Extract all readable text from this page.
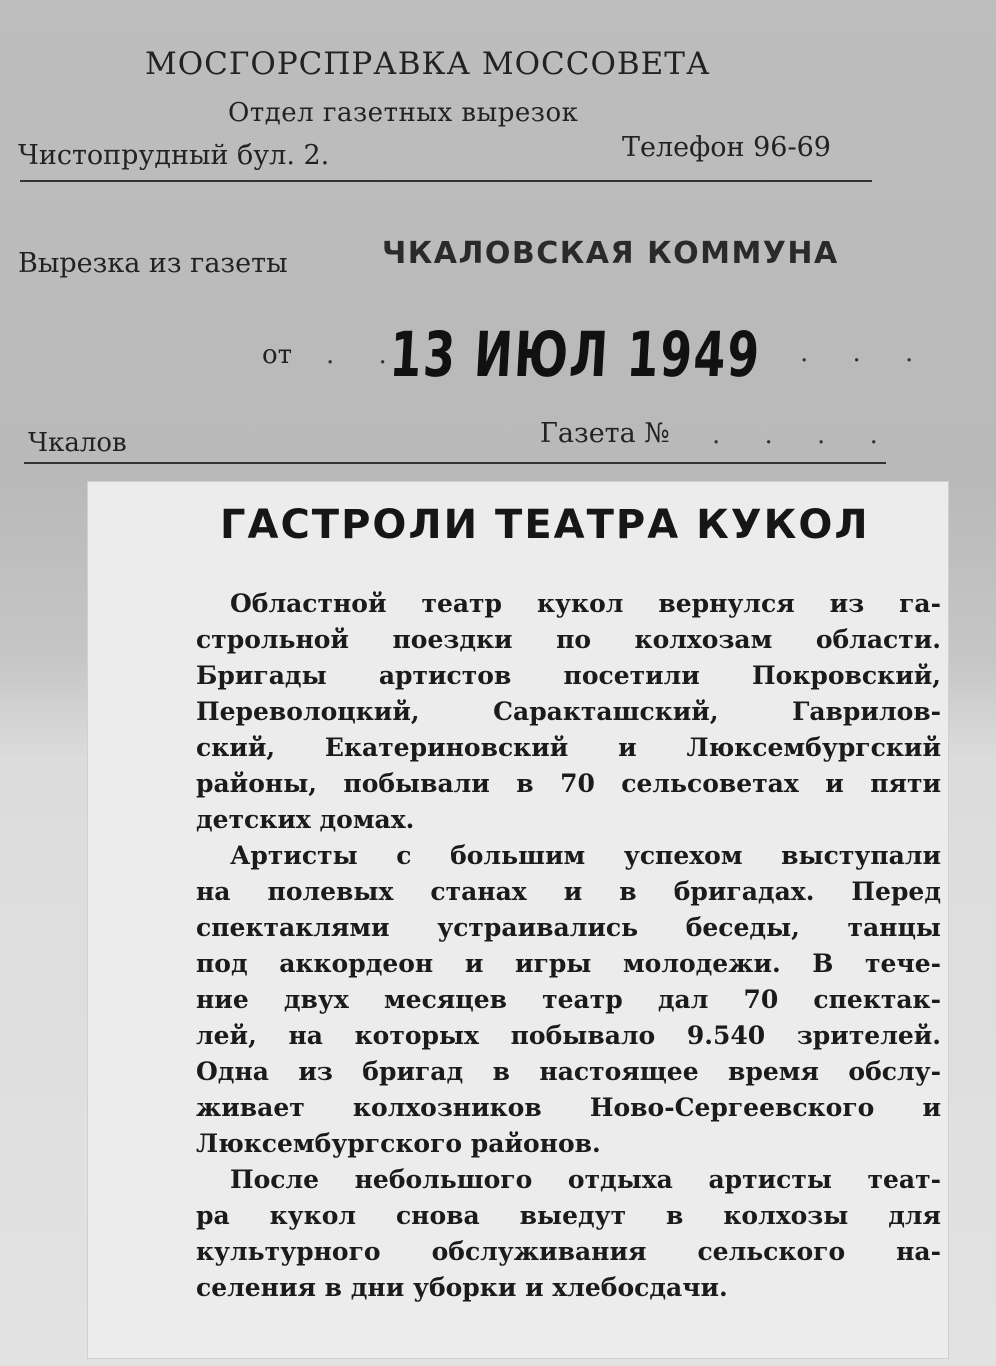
МОСГОРСПРАВКА МОССОВЕТА
Отдел газетных вырезок
Чистопрудный бул. 2.	Телефон 96-69
Вырезка из газеты	ЧКАЛОВСКАЯ КОММУНА
от . .
13 ИЮЛ 1949 . . .
Чкалов	Газета № . . . .
ГАСТРОЛИ ТЕАТРА КУКОЛ
Областной театр кукол вернулся из га-
строльной поездки по колхозам области.
Бригады артистов посетили Покровский,
Переволоцкий, Саракташский, Гаврилов-
ский, Екатериновский и Люксембургский
районы, побывали в 70 сельсоветах и пяти
детских домах.
Артисты с большим успехом выступали
на полевых станах и в бригадах. Перед
спектаклями устраивались беседы, танцы
под аккордеон и игры молодежи. В тече-
ние двух месяцев театр дал 70 спектак-
лей, на которых побывало 9.540 зрителей.
Одна из бригад в настоящее время обслу-
живает колхозников Ново-Сергеевского и
Люксембургского районов.
После небольшого отдыха артисты теат-
ра кукол снова выедут в колхозы для
культурного обслуживания сельского на-
селения в дни уборки и хлебосдачи.
